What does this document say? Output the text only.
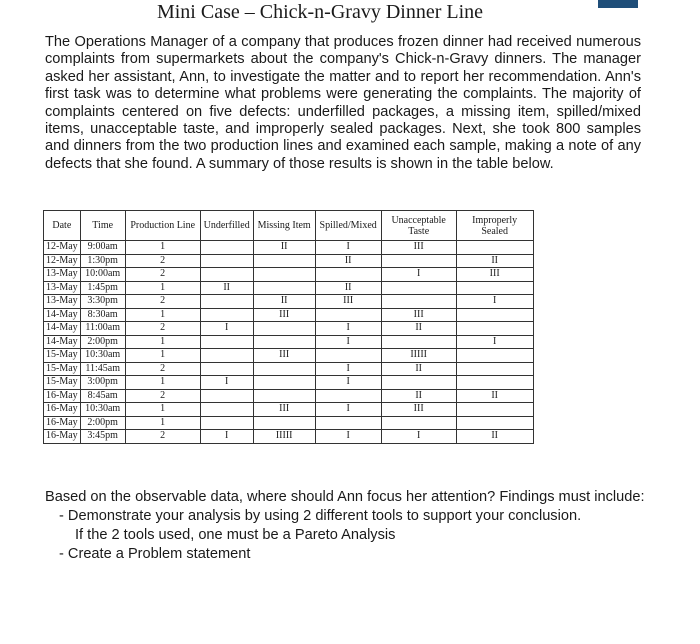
Mini Case – Chick-n-Gravy Dinner Line
The Operations Manager of a company that produces frozen dinner had received numerous complaints from supermarkets about the company's Chick-n-Gravy dinners. The manager asked her assistant, Ann, to investigate the matter and to report her recommendation. Ann's first task was to determine what problems were generating the complaints. The majority of complaints centered on five defects: underfilled packages, a missing item, spilled/mixed items, unacceptable taste, and improperly sealed packages. Next, she took 800 samples and dinners from the two production lines and examined each sample, making a note of any defects that she found. A summary of those results is shown in the table below.
Date	Time	Production Line	Underfilled	Missing Item	Spilled/Mixed	Unacceptable Taste	Improperly Sealed
12-May	9:00am	1		II	I	III	
12-May	1:30pm	2			II		II
13-May	10:00am	2				I	III
13-May	1:45pm	1	II		II		
13-May	3:30pm	2		II	III		I
14-May	8:30am	1		III		III	
14-May	11:00am	2	I		I	II	
14-May	2:00pm	1			I		I
15-May	10:30am	1		III		IIIII	
15-May	11:45am	2			I	II	
15-May	3:00pm	1	I		I		
16-May	8:45am	2				II	II
16-May	10:30am	1		III	I	III	
16-May	2:00pm	1					
16-May	3:45pm	2	I	IIIII	I	I	II
Based on the observable data, where should Ann focus her attention? Findings must include:
- Demonstrate your analysis by using 2 different tools to support your conclusion.
If the 2 tools used, one must be a Pareto Analysis
- Create a Problem statement
